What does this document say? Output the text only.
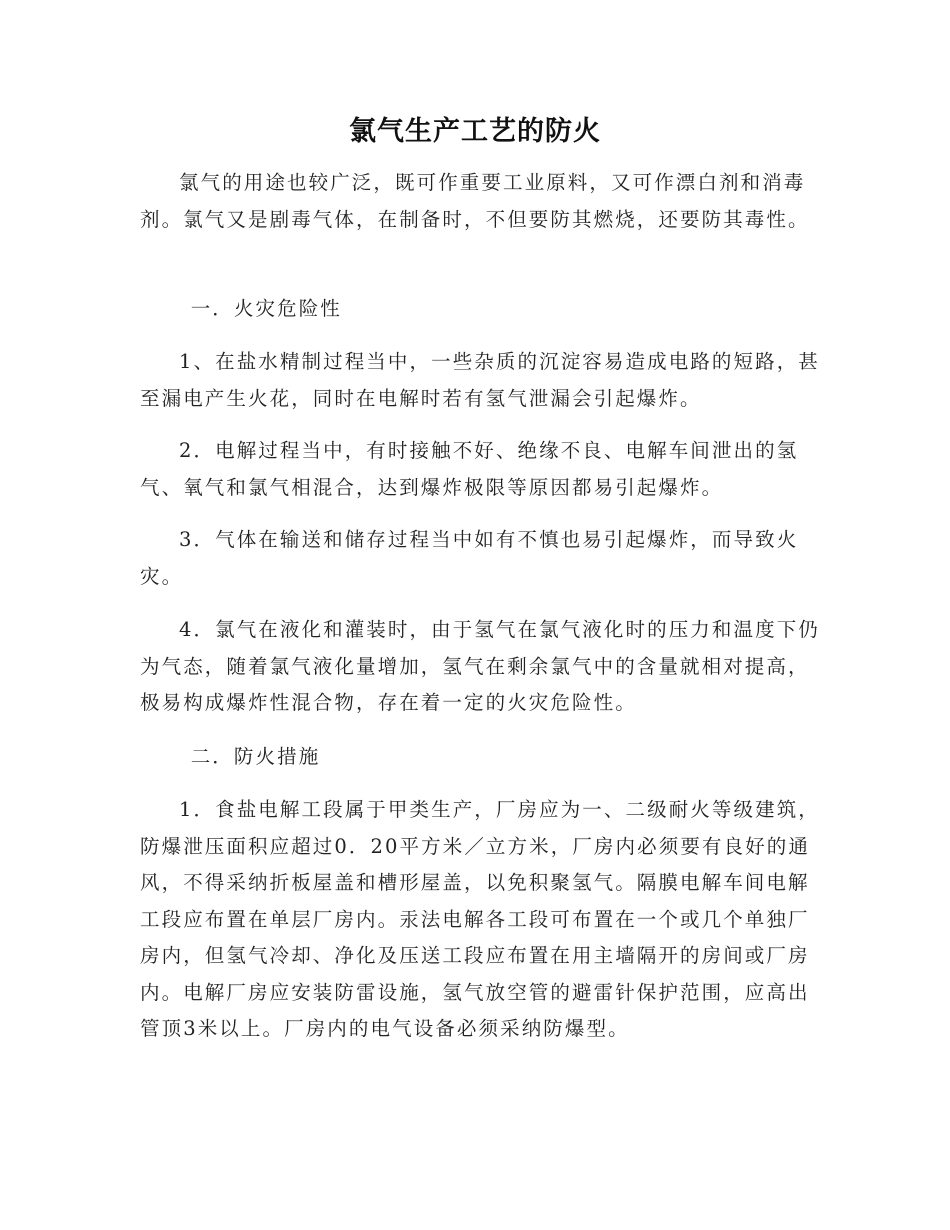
氯气生产工艺的防火

氯气的用途也较广泛，既可作重要工业原料，又可作漂白剂和消毒剂。氯气又是剧毒气体，在制备时，不但要防其燃烧，还要防其毒性。

一．火灾危险性

1、在盐水精制过程当中，一些杂质的沉淀容易造成电路的短路，甚至漏电产生火花，同时在电解时若有氢气泄漏会引起爆炸。

2．电解过程当中，有时接触不好、绝缘不良、电解车间泄出的氢气、氧气和氯气相混合，达到爆炸极限等原因都易引起爆炸。

3．气体在输送和储存过程当中如有不慎也易引起爆炸，而导致火灾。

4．氯气在液化和灌装时，由于氢气在氯气液化时的压力和温度下仍为气态，随着氯气液化量增加，氢气在剩余氯气中的含量就相对提高，极易构成爆炸性混合物，存在着一定的火灾危险性。

二．防火措施

1．食盐电解工段属于甲类生产，厂房应为一、二级耐火等级建筑，防爆泄压面积应超过0．20平方米／立方米，厂房内必须要有良好的通风，不得采纳折板屋盖和槽形屋盖，以免积聚氢气。隔膜电解车间电解工段应布置在单层厂房内。汞法电解各工段可布置在一个或几个单独厂房内，但氢气冷却、净化及压送工段应布置在用主墙隔开的房间或厂房内。电解厂房应安装防雷设施，氢气放空管的避雷针保护范围，应高出管顶3米以上。厂房内的电气设备必须采纳防爆型。
